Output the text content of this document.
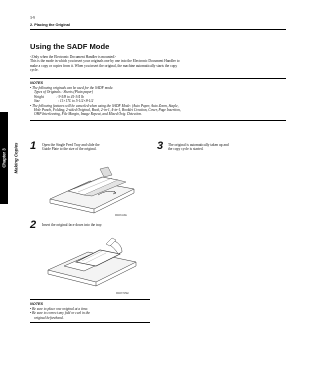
3-9
2. Placing the Original
Chapter 3 Making Copies
Using the SADF Mode
<Only when the Electronic Document Handler is mounted>
This is the mode in which you insert your originals one by one into the Electronic Document Handler to
make a copy or copies from it. When you insert the original, the machine automatically starts the copy
cycle.
NOTES
• The following originals can be used for the SADF mode.
Types of Originals : Sheets (Plain paper)
Weight              : 9-5/8 to 41-3/4 lb
Size                    : 11×17L to 5-1/2×8-1/2
• The following features will be canceled when using the SADF Mode: (Auto Paper, Auto Zoom, Staple,
Hole Punch, Folding, 2-sided Original, Book, 2-in-1, 4-in-1, Booklet Creation, Cover, Page Insertion,
OHP Interleaving, File Margin, Image Repeat, and Mixed Orig. Detection.
1 Open the Single Feed Tray and slide the
Guide Plate to the size of the original.
M4D3113E
3 The original is automatically taken up and
the copy cycle is started.
2 Insert the original face down into the tray.
M4D3T15EI
NOTES
• Be sure to place one original at a time.
• Be sure to correct any fold or curl in the
original beforehand.
